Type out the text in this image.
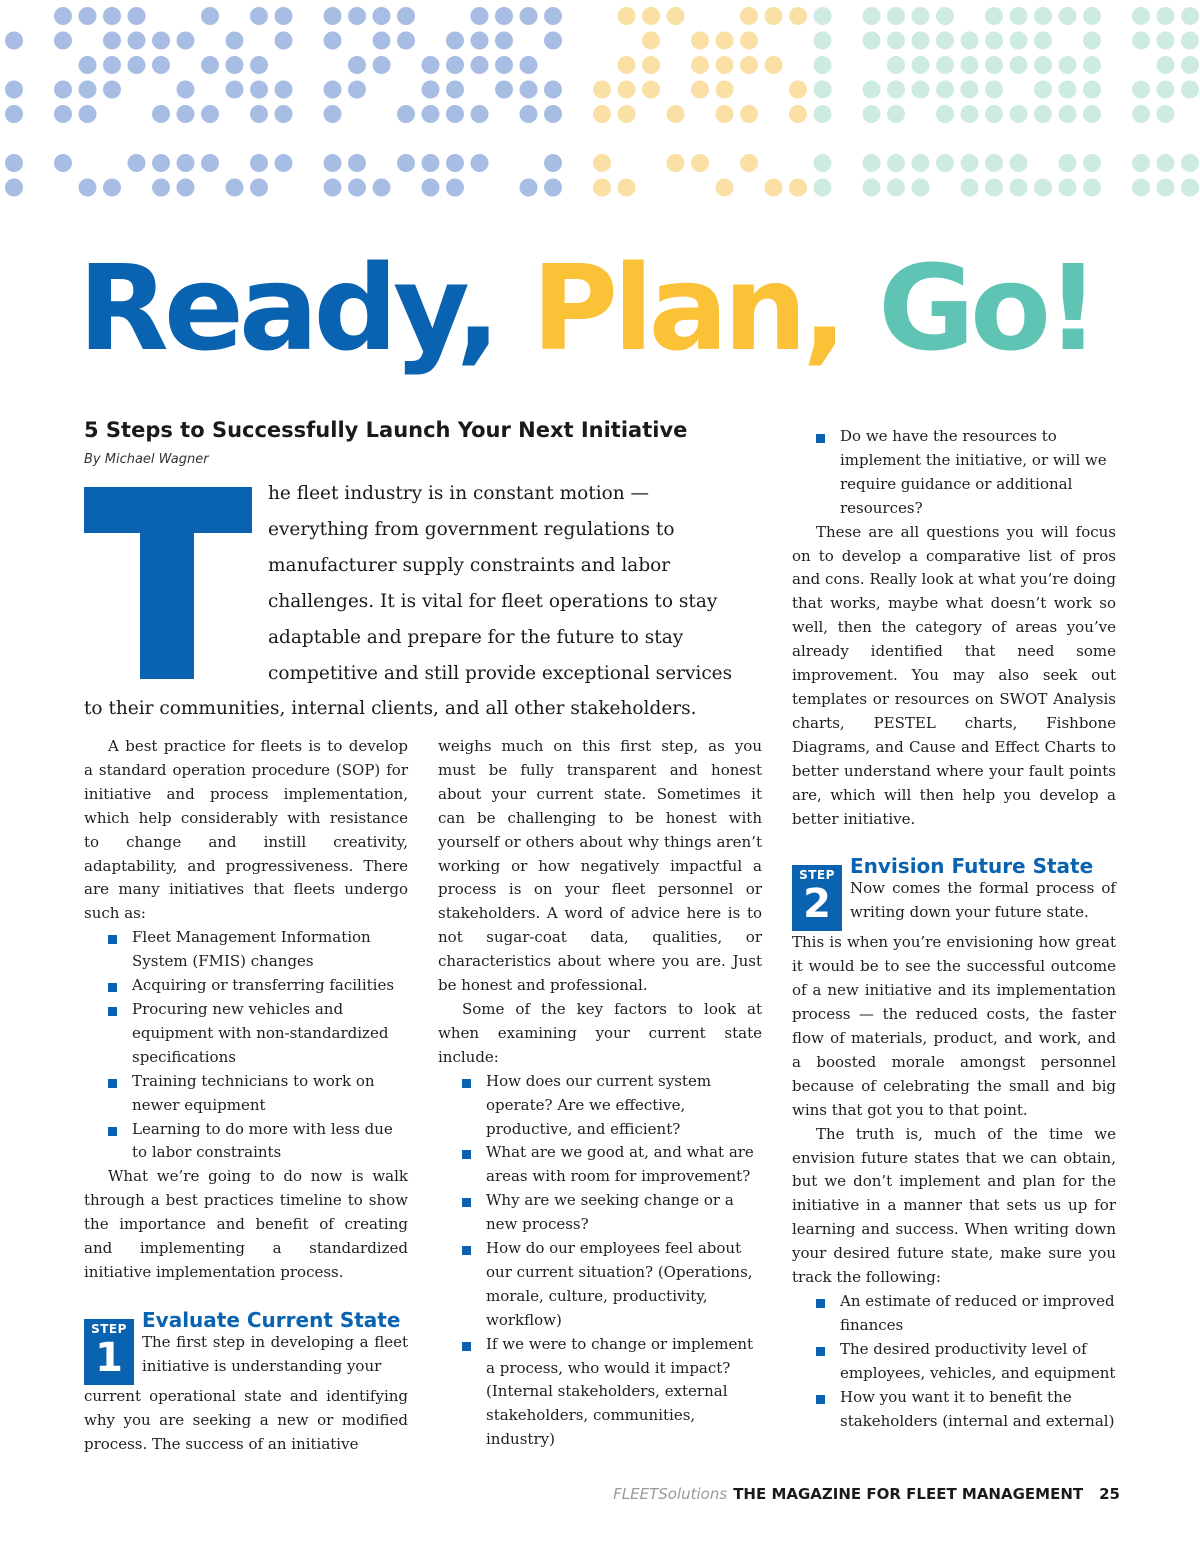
Ready, Plan, Go!
5 Steps to Successfully Launch Your Next Initiative

By Michael Wagner

he fleet industry is in constant motion —
everything from government regulations to
manufacturer supply constraints and labor
challenges. It is vital for fleet operations to stay
adaptable and prepare for the future to stay
competitive and still provide exceptional services
to their communities, internal clients, and all other stakeholders.

A best practice for fleets is to develop a standard operation procedure (SOP) for initiative and process implementation, which help considerably with resistance to change and instill creativity, adaptability, and progressiveness. There are many initiatives that fleets undergo such as:

Fleet Management Information System (FMIS) changes
Acquiring or transferring facilities
Procuring new vehicles and equipment with non-standardized specifications
Training technicians to work on newer equipment
Learning to do more with less due to labor constraints

What we’re going to do now is walk through a best practices timeline to show the importance and benefit of creating and implementing a standardized initiative implementation process.

STEP
1
Evaluate Current State

The first step in developing a fleet initiative is understanding your

current operational state and identifying why you are seeking a new or modified process. The success of an initiative

weighs much on this first step, as you must be fully transparent and honest about your current state. Sometimes it can be challenging to be honest with yourself or others about why things aren’t working or how negatively impactful a process is on your fleet personnel or stakeholders. A word of advice here is to not sugar-coat data, qualities, or characteristics about where you are. Just be honest and professional.

Some of the key factors to look at when examining your current state include:

How does our current system operate? Are we effective, productive, and efficient?
What are we good at, and what are areas with room for improvement?
Why are we seeking change or a new process?
How do our employees feel about our current situation? (Operations, morale, culture, productivity, workflow)
If we were to change or implement a process, who would it impact? (Internal stakeholders, external stakeholders, communities, industry)
Do we have the resources to implement the initiative, or will we require guidance or additional resources?

These are all questions you will focus on to develop a comparative list of pros and cons. Really look at what you’re doing that works, maybe what doesn’t work so well, then the category of areas you’ve already identified that need some improvement. You may also seek out templates or resources on SWOT Analysis charts, PESTEL charts, Fishbone Diagrams, and Cause and Effect Charts to better understand where your fault points are, which will then help you develop a better initiative.

STEP
2
Envision Future State

Now comes the formal process of writing down your future state.

This is when you’re envisioning how great it would be to see the successful outcome of a new initiative and its implementation process — the reduced costs, the faster flow of materials, product, and work, and a boosted morale amongst personnel because of celebrating the small and big wins that got you to that point.

The truth is, much of the time we envision future states that we can obtain, but we don’t implement and plan for the initiative in a manner that sets us up for learning and success. When writing down your desired future state, make sure you track the following:

An estimate of reduced or improved finances
The desired productivity level of employees, vehicles, and equipment
How you want it to benefit the stakeholders (internal and external)
FLEETSolutions THE MAGAZINE FOR FLEET MANAGEMENT 25
